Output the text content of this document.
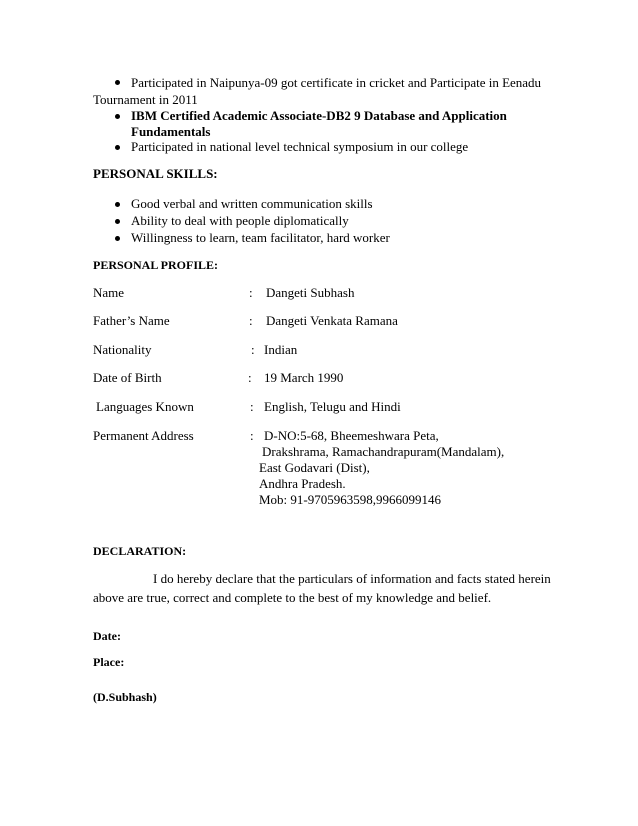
Participated in Naipunya-09 got certificate in cricket and Participate in Eenadu
Tournament in 2011
IBM Certified Academic Associate-DB2 9 Database and Application
Fundamentals
Participated in national level technical symposium in our college
PERSONAL SKILLS:
Good verbal and written communication skills
Ability to deal with people diplomatically
Willingness to learn, team facilitator, hard worker
PERSONAL PROFILE:
Name	: Dangeti Subhash
Father’s Name	: Dangeti Venkata Ramana
Nationality	: Indian
Date of Birth	: 19 March 1990
Languages Known	: English, Telugu and Hindi
Permanent Address	: D-NO:5-68, Bheemeshwara Peta,
Drakshrama, Ramachandrapuram(Mandalam),
East Godavari (Dist),
Andhra Pradesh.
Mob: 91-9705963598,9966099146
DECLARATION:
I do hereby declare that the particulars of information and facts stated herein
above are true, correct and complete to the best of my knowledge and belief.
Date:
Place:
(D.Subhash)
